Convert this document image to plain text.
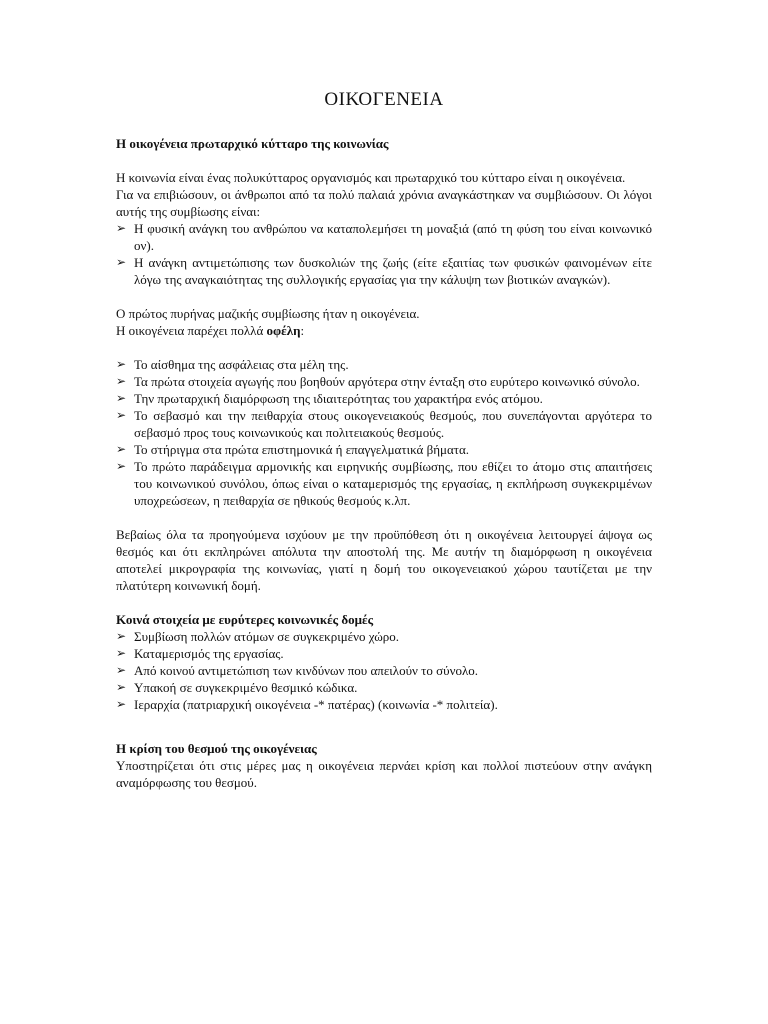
ΟΙΚΟΓΕΝΕΙΑ
Η οικογένεια πρωταρχικό κύτταρο της κοινωνίας

Η κοινωνία είναι ένας πολυκύτταρος οργανισμός και πρωταρχικό του κύτταρο είναι η οικογένεια.

Για να επιβιώσουν, οι άνθρωποι από τα πολύ παλαιά χρόνια αναγκάστηκαν να συμβιώσουν. Οι λόγοι αυτής της συμβίωσης είναι:

➢ Η φυσική ανάγκη του ανθρώπου να καταπολεμήσει τη μοναξιά (από τη φύση του είναι κοινωνικό ον).
➢ Η ανάγκη αντιμετώπισης των δυσκολιών της ζωής (είτε εξαιτίας των φυσικών φαινομένων είτε λόγω της αναγκαιότητας της συλλογικής εργασίας για την κάλυψη των βιοτικών αναγκών).

Ο πρώτος πυρήνας μαζικής συμβίωσης ήταν η οικογένεια.

Η οικογένεια παρέχει πολλά οφέλη:

➢ Το αίσθημα της ασφάλειας στα μέλη της.
➢ Τα πρώτα στοιχεία αγωγής που βοηθούν αργότερα στην ένταξη στο ευρύτερο κοινωνικό σύνολο.
➢ Την πρωταρχική διαμόρφωση της ιδιαιτερότητας του χαρακτήρα ενός ατόμου.
➢ Το σεβασμό και την πειθαρχία στους οικογενειακούς θεσμούς, που συνεπάγονται αργότερα το σεβασμό προς τους κοινωνικούς και πολιτειακούς θεσμούς.
➢ Το στήριγμα στα πρώτα επιστημονικά ή επαγγελματικά βήματα.
➢ Το πρώτο παράδειγμα αρμονικής και ειρηνικής συμβίωσης, που εθίζει το άτομο στις απαιτήσεις του κοινωνικού συνόλου, όπως είναι ο καταμερισμός της εργασίας, η εκπλήρωση συγκεκριμένων υποχρεώσεων, η πειθαρχία σε ηθικούς θεσμούς κ.λπ.

Βεβαίως όλα τα προηγούμενα ισχύουν με την προϋπόθεση ότι η οικογένεια λειτουργεί άψογα ως θεσμός και ότι εκπληρώνει απόλυτα την αποστολή της. Με αυτήν τη διαμόρφωση η οικογένεια αποτελεί μικρογραφία της κοινωνίας, γιατί η δομή του οικογενειακού χώρου ταυτίζεται με την πλατύτερη κοινωνική δομή.

Κοινά στοιχεία με ευρύτερες κοινωνικές δομές
➢ Συμβίωση πολλών ατόμων σε συγκεκριμένο χώρο.
➢ Καταμερισμός της εργασίας.
➢ Από κοινού αντιμετώπιση των κινδύνων που απειλούν το σύνολο.
➢ Υπακοή σε συγκεκριμένο θεσμικό κώδικα.
➢ Ιεραρχία (πατριαρχική οικογένεια -* πατέρας) (κοινωνία -* πολιτεία).
Η κρίση του θεσμού της οικογένειας

Υποστηρίζεται ότι στις μέρες μας η οικογένεια περνάει κρίση και πολλοί πιστεύουν στην ανάγκη αναμόρφωσης του θεσμού.
